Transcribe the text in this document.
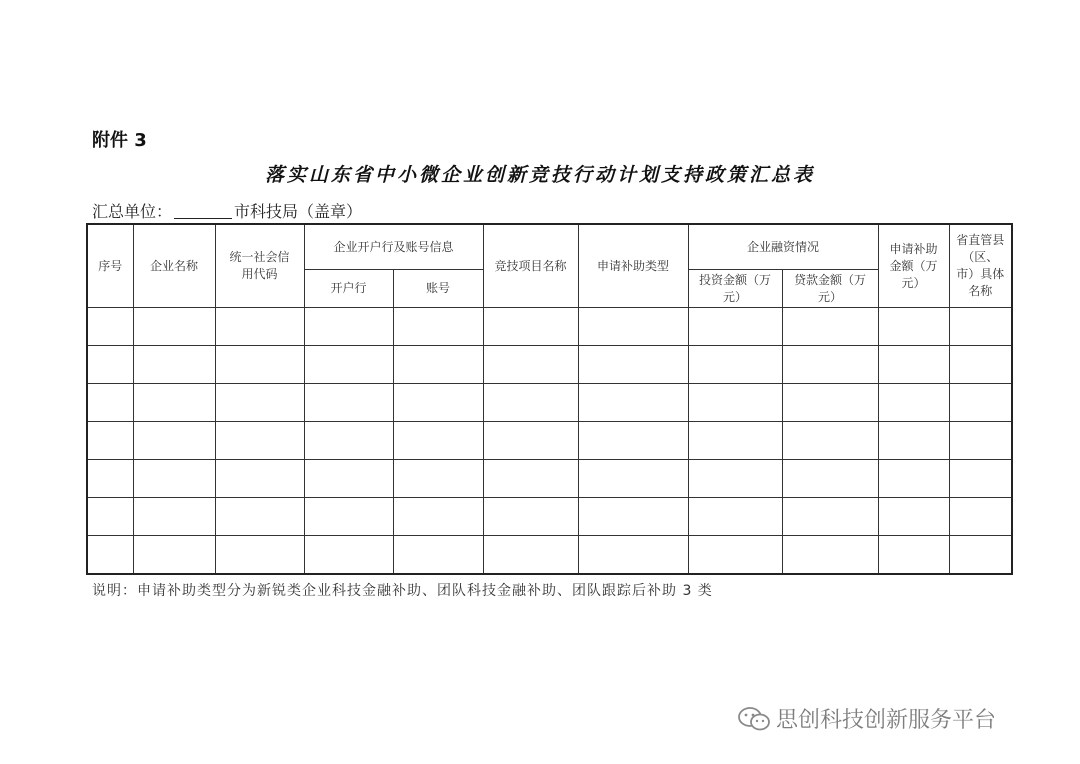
附件 3
落实山东省中小微企业创新竞技行动计划支持政策汇总表
汇总单位：	市科技局（盖章）
序号	企业名称	统一社会信用代码	企业开户行及账号信息		竞技项目名称	申请补助类型	企业融资情况		申请补助金额（万元）	省直管县（区、市）具体名称

			开户行	账号			投资金额（万元）	贷款金额（万元）		

说明：申请补助类型分为新锐类企业科技金融补助、团队科技金融补助、团队跟踪后补助 3 类
思创科技创新服务平台
